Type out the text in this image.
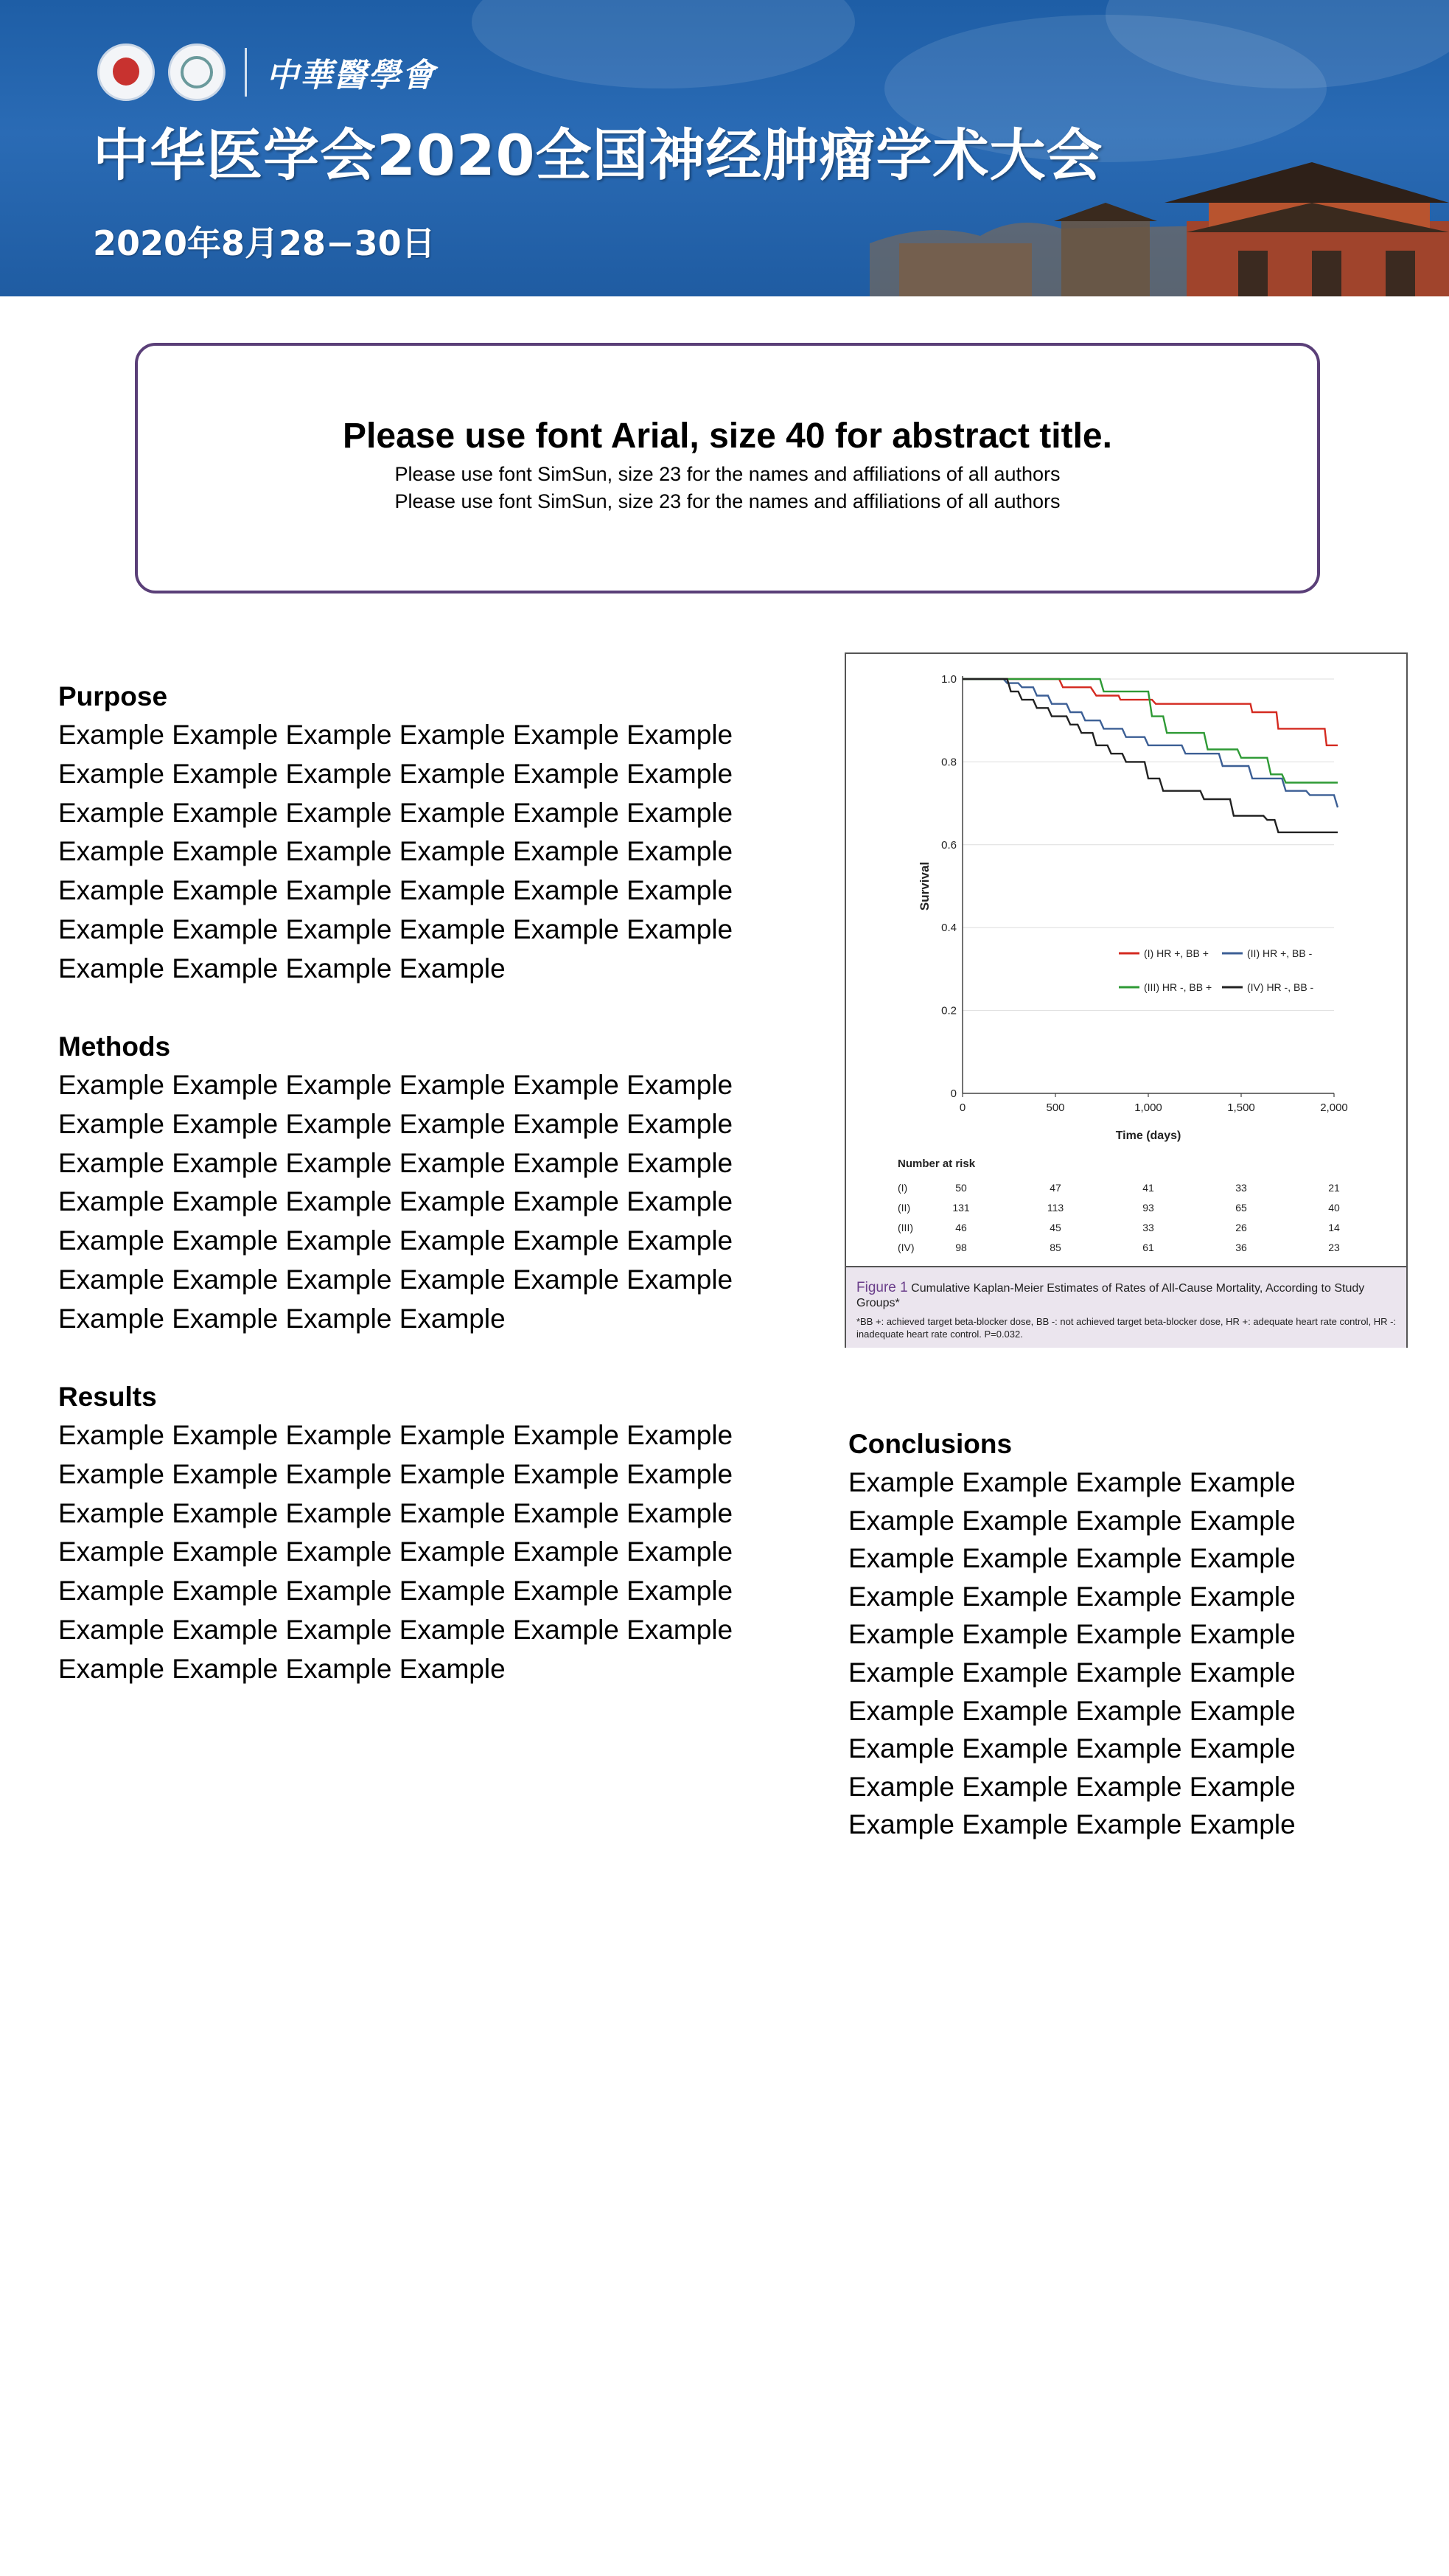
中華醫學會
中华医学会2020全国神经肿瘤学术大会
2020年8月28−30日
Please use font Arial, size 40 for abstract title.
Please use font SimSun, size 23 for the names and affiliations of all authors
Please use font SimSun, size 23 for the names and affiliations of all authors
Purpose
Example Example Example Example Example Example
Example Example Example Example Example Example
Example Example Example Example Example Example
Example Example Example Example Example Example
Example Example Example Example Example Example
Example Example Example Example Example Example
Example Example Example Example
Methods
Example Example Example Example Example Example
Example Example Example Example Example Example
Example Example Example Example Example Example
Example Example Example Example Example Example
Example Example Example Example Example Example
Example Example Example Example Example Example
Example Example Example Example
Results
Example Example Example Example Example Example
Example Example Example Example Example Example
Example Example Example Example Example Example
Example Example Example Example Example Example
Example Example Example Example Example Example
Example Example Example Example Example Example
Example Example Example Example
0
0.2
0.4
0.6
0.8
1.0
0	500	1,000	1,500	2,000
Time (days)
Survival
(I) HR +, BB +	(II) HR +, BB -
(III) HR -, BB +	(IV) HR -, BB -
Number at risk
(I)	50	47	41	33	21
(II)	131	113	93	65	40
(III)	46	45	33	26	14
(IV)	98	85	61	36	23
Figure 1 Cumulative Kaplan-Meier Estimates of Rates of All-Cause Mortality, According to Study Groups*
*BB +: achieved target beta-blocker dose, BB -: not achieved target beta-blocker dose, HR +: adequate heart rate control, HR -: inadequate heart rate control. P=0.032.
Conclusions
Example Example Example Example
Example Example Example Example
Example Example Example Example
Example Example Example Example
Example Example Example Example
Example Example Example Example
Example Example Example Example
Example Example Example Example
Example Example Example Example
Example Example Example Example
